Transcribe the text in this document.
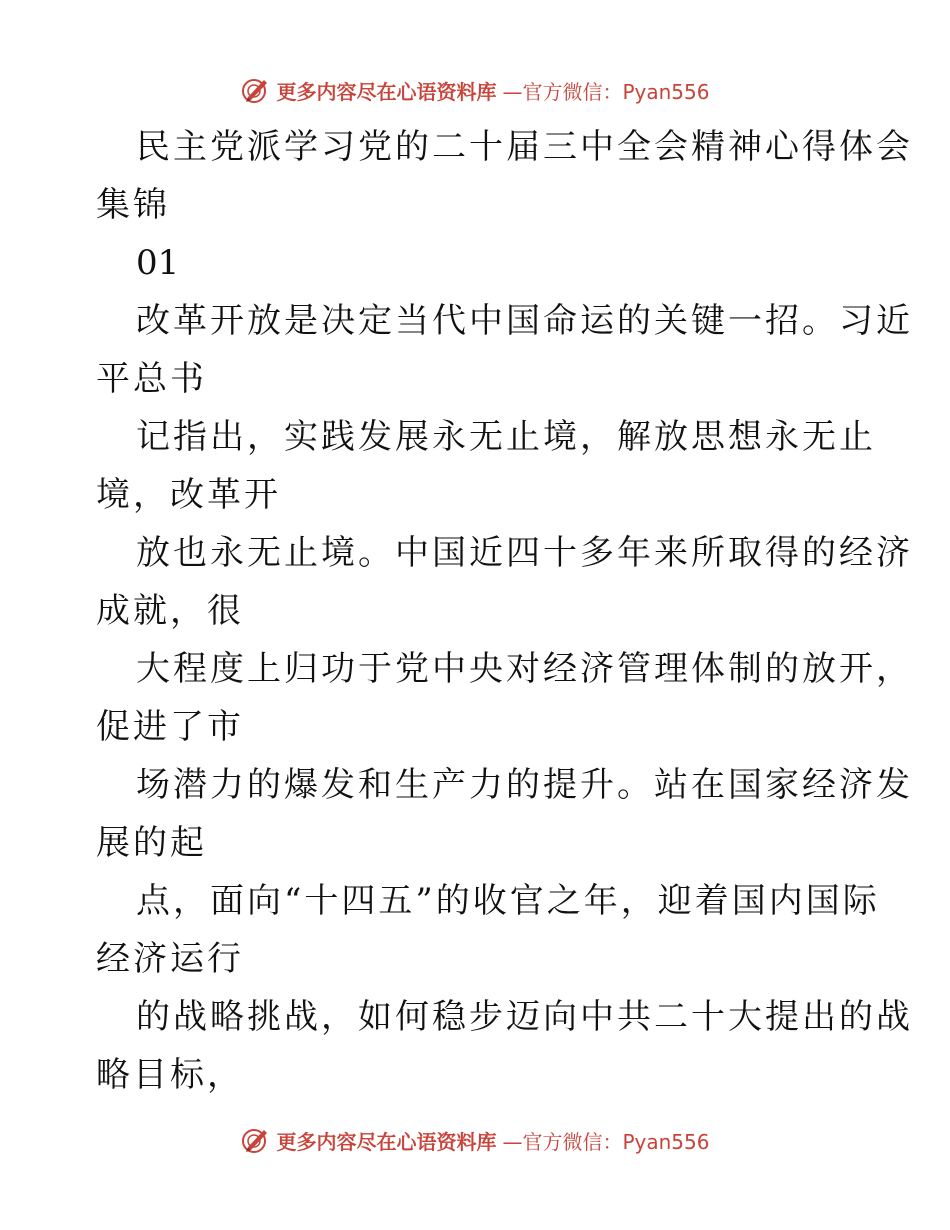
更多内容尽在心语资料库 —官方微信：Pyan556
民主党派学习党的二十届三中全会精神心得体会
集锦
01
改革开放是决定当代中国命运的关键一招。习近
平总书
记指出，实践发展永无止境，解放思想永无止
境，改革开
放也永无止境。中国近四十多年来所取得的经济
成就，很
大程度上归功于党中央对经济管理体制的放开，
促进了市
场潜力的爆发和生产力的提升。站在国家经济发
展的起
点，面向“十四五”的收官之年，迎着国内国际
经济运行
的战略挑战，如何稳步迈向中共二十大提出的战
略目标，
更多内容尽在心语资料库 —官方微信：Pyan556
